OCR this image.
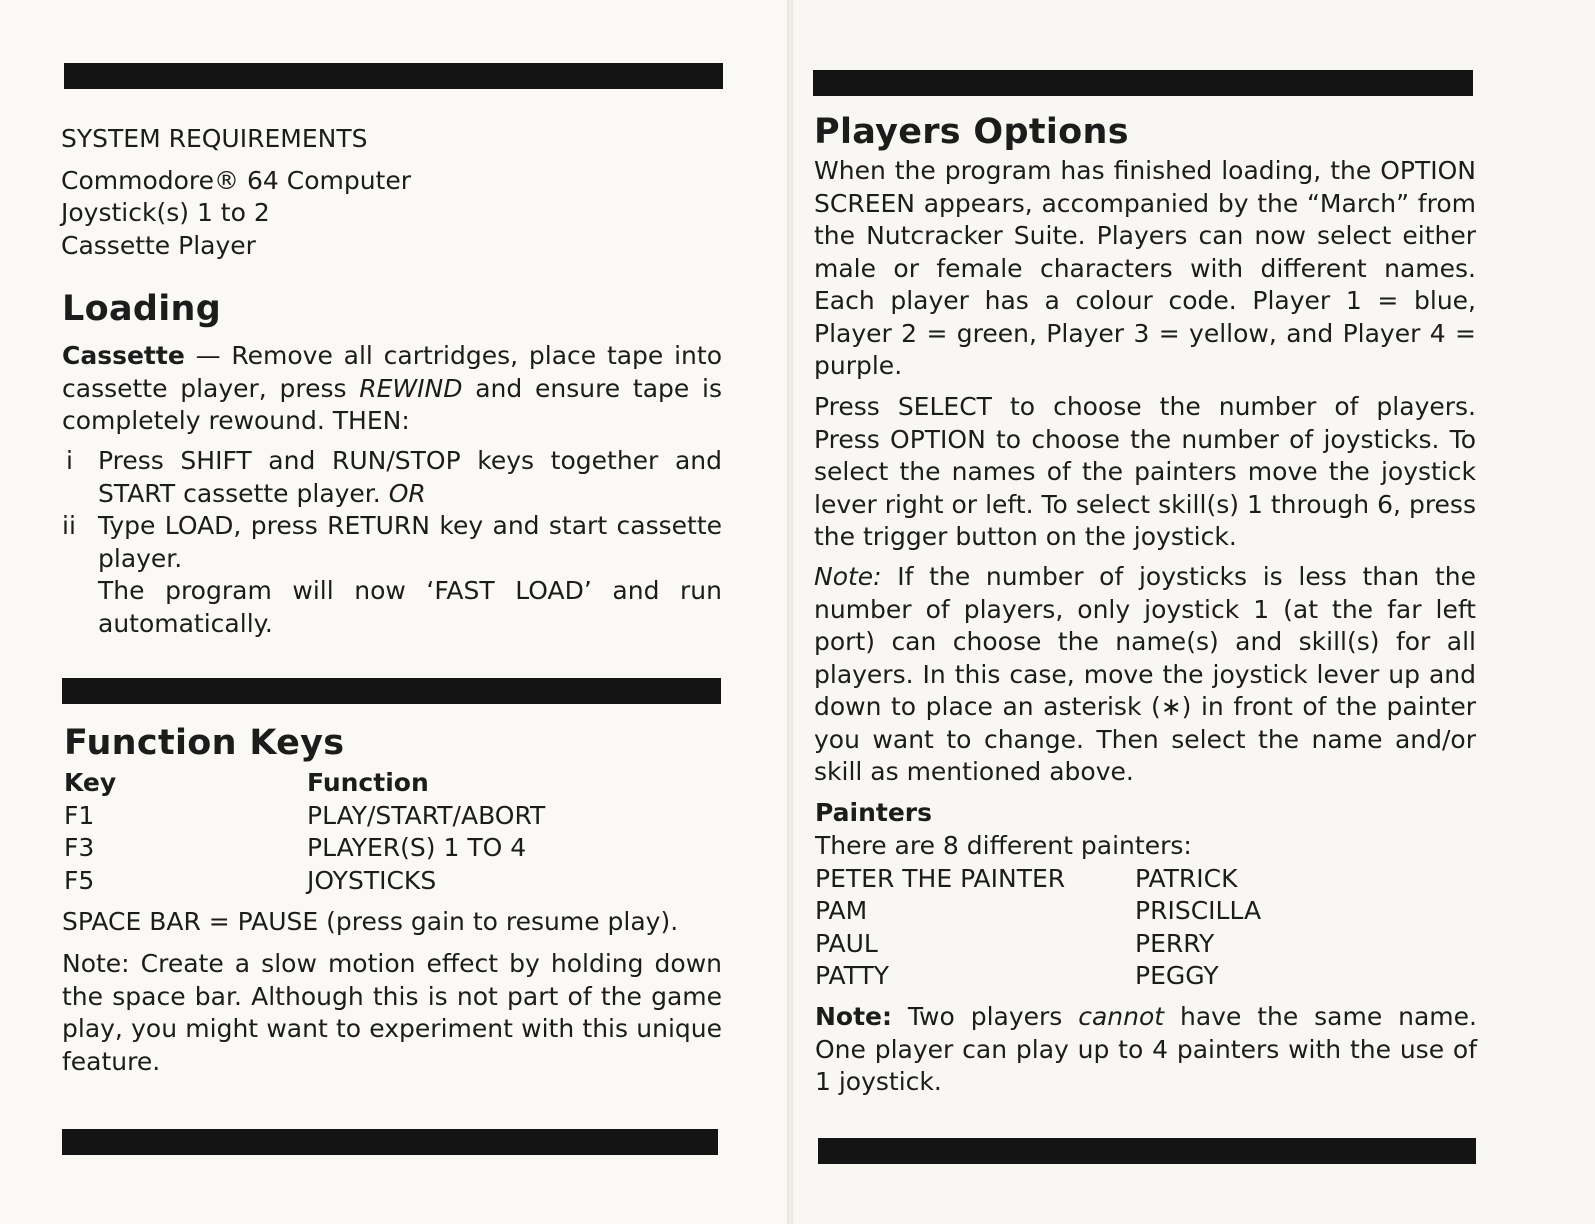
SYSTEM REQUIREMENTS

Commodore® 64 Computer

Joystick(s) 1 to 2

Cassette Player

Loading
Cassette — Remove all cartridges, place tape into cassette player, press REWIND and ensure tape is completely rewound. THEN:
i Press SHIFT and RUN/STOP keys together and START cassette player. OR
ii Type LOAD, press RETURN key and start cassette player.
The program will now ‘FAST LOAD’ and run automatically.
Function Keys
Key	Function
F1	PLAY/START/ABORT
F3	PLAYER(S) 1 TO 4
F5	JOYSTICKS
SPACE BAR = PAUSE (press gain to resume play).
Note: Create a slow motion effect by holding down the space bar. Although this is not part of the game play, you might want to experiment with this unique feature.
Players Options
When the program has finished loading, the OPTION SCREEN appears, accompanied by the “March” from the Nutcracker Suite. Players can now select either male or female characters with different names. Each player has a colour code. Player 1 = blue, Player 2 = green, Player 3 = yellow, and Player 4 = purple.
Press SELECT to choose the number of players. Press OPTION to choose the number of joysticks. To select the names of the painters move the joystick lever right or left. To select skill(s) 1 through 6, press the trigger button on the joystick.
Note: If the number of joysticks is less than the number of players, only joystick 1 (at the far left port) can choose the name(s) and skill(s) for all players. In this case, move the joystick lever up and down to place an asterisk (∗) in front of the painter you want to change. Then select the name and/or skill as mentioned above.
Painters

There are 8 different painters:

PETER THE PAINTER	PATRICK
PAM	PRISCILLA
PAUL	PERRY
PATTY	PEGGY
Note: Two players cannot have the same name. One player can play up to 4 painters with the use of 1 joystick.
